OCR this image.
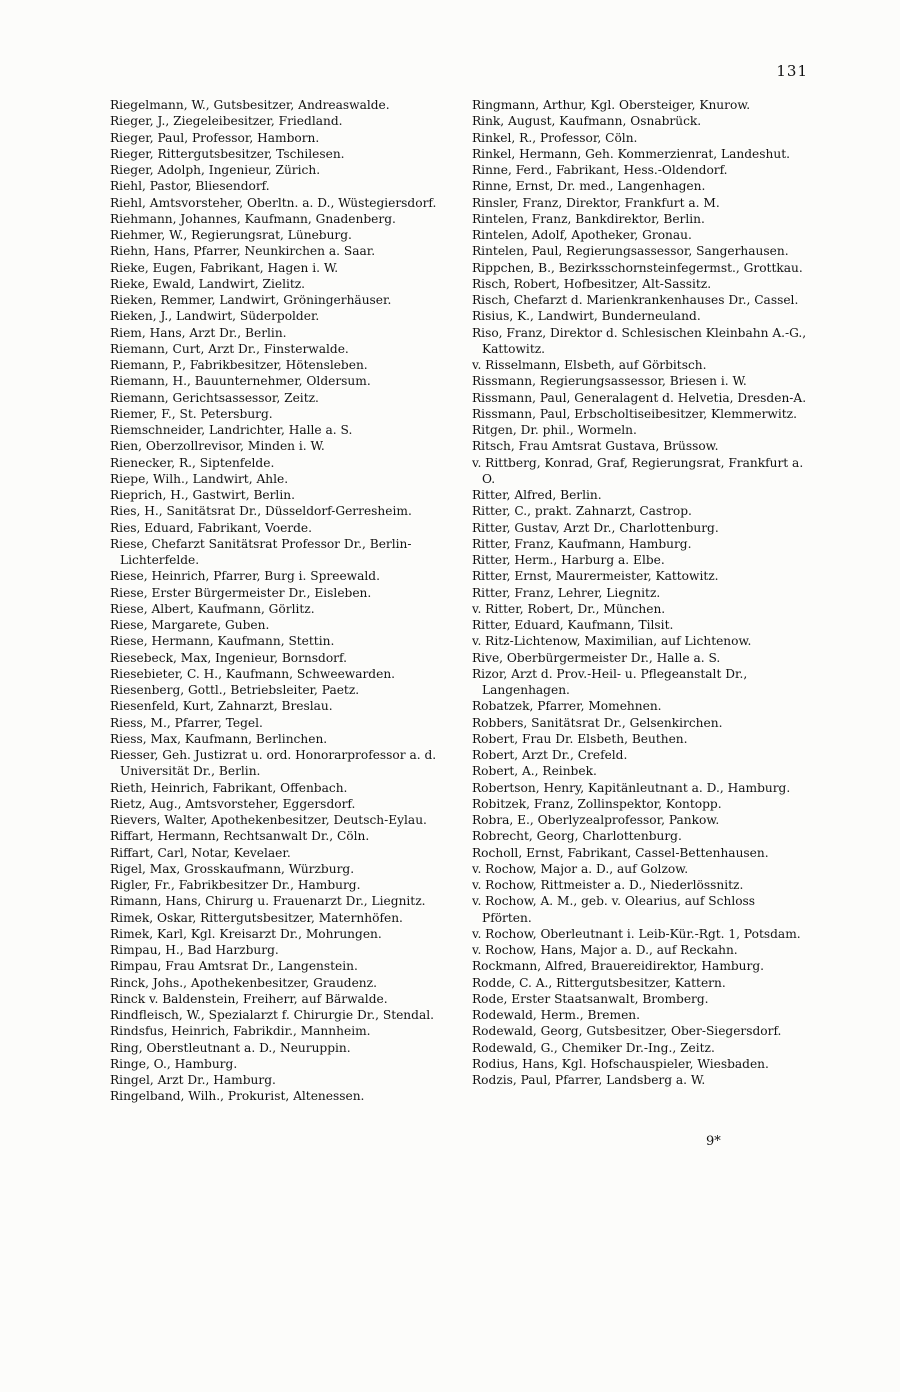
131
Riegelmann, W., Gutsbesitzer, Andreaswalde.
Rieger, J., Ziegeleibesitzer, Friedland.
Rieger, Paul, Professor, Hamborn.
Rieger, Rittergutsbesitzer, Tschilesen.
Rieger, Adolph, Ingenieur, Zürich.
Riehl, Pastor, Bliesendorf.
Riehl, Amtsvorsteher, Oberltn. a. D., Wüstegiersdorf.
Riehmann, Johannes, Kaufmann, Gnadenberg.
Riehmer, W., Regierungsrat, Lüneburg.
Riehn, Hans, Pfarrer, Neunkirchen a. Saar.
Rieke, Eugen, Fabrikant, Hagen i. W.
Rieke, Ewald, Landwirt, Zielitz.
Rieken, Remmer, Landwirt, Gröningerhäuser.
Rieken, J., Landwirt, Süderpolder.
Riem, Hans, Arzt Dr., Berlin.
Riemann, Curt, Arzt Dr., Finsterwalde.
Riemann, P., Fabrikbesitzer, Hötensleben.
Riemann, H., Bauunternehmer, Oldersum.
Riemann, Gerichtsassessor, Zeitz.
Riemer, F., St. Petersburg.
Riemschneider, Landrichter, Halle a. S.
Rien, Oberzollrevisor, Minden i. W.
Rienecker, R., Siptenfelde.
Riepe, Wilh., Landwirt, Ahle.
Rieprich, H., Gastwirt, Berlin.
Ries, H., Sanitätsrat Dr., Düsseldorf-Gerresheim.
Ries, Eduard, Fabrikant, Voerde.
Riese, Chefarzt Sanitätsrat Professor Dr., Berlin-Lichterfelde.
Riese, Heinrich, Pfarrer, Burg i. Spreewald.
Riese, Erster Bürgermeister Dr., Eisleben.
Riese, Albert, Kaufmann, Görlitz.
Riese, Margarete, Guben.
Riese, Hermann, Kaufmann, Stettin.
Riesebeck, Max, Ingenieur, Bornsdorf.
Riesebieter, C. H., Kaufmann, Schweewarden.
Riesenberg, Gottl., Betriebsleiter, Paetz.
Riesenfeld, Kurt, Zahnarzt, Breslau.
Riess, M., Pfarrer, Tegel.
Riess, Max, Kaufmann, Berlinchen.
Riesser, Geh. Justizrat u. ord. Honorarprofessor a. d. Universität Dr., Berlin.
Rieth, Heinrich, Fabrikant, Offenbach.
Rietz, Aug., Amtsvorsteher, Eggersdorf.
Rievers, Walter, Apothekenbesitzer, Deutsch-Eylau.
Riffart, Hermann, Rechtsanwalt Dr., Cöln.
Riffart, Carl, Notar, Kevelaer.
Rigel, Max, Grosskaufmann, Würzburg.
Rigler, Fr., Fabrikbesitzer Dr., Hamburg.
Rimann, Hans, Chirurg u. Frauenarzt Dr., Liegnitz.
Rimek, Oskar, Rittergutsbesitzer, Maternhöfen.
Rimek, Karl, Kgl. Kreisarzt Dr., Mohrungen.
Rimpau, H., Bad Harzburg.
Rimpau, Frau Amtsrat Dr., Langenstein.
Rinck, Johs., Apothekenbesitzer, Graudenz.
Rinck v. Baldenstein, Freiherr, auf Bärwalde.
Rindfleisch, W., Spezialarzt f. Chirurgie Dr., Stendal.
Rindsfus, Heinrich, Fabrikdir., Mannheim.
Ring, Oberstleutnant a. D., Neuruppin.
Ringe, O., Hamburg.
Ringel, Arzt Dr., Hamburg.
Ringelband, Wilh., Prokurist, Altenessen.
Ringmann, Arthur, Kgl. Obersteiger, Knurow.
Rink, August, Kaufmann, Osnabrück.
Rinkel, R., Professor, Cöln.
Rinkel, Hermann, Geh. Kommerzienrat, Landeshut.
Rinne, Ferd., Fabrikant, Hess.-Oldendorf.
Rinne, Ernst, Dr. med., Langenhagen.
Rinsler, Franz, Direktor, Frankfurt a. M.
Rintelen, Franz, Bankdirektor, Berlin.
Rintelen, Adolf, Apotheker, Gronau.
Rintelen, Paul, Regierungsassessor, Sangerhausen.
Rippchen, B., Bezirksschornsteinfegermst., Grottkau.
Risch, Robert, Hofbesitzer, Alt-Sassitz.
Risch, Chefarzt d. Marienkrankenhauses Dr., Cassel.
Risius, K., Landwirt, Bunderneuland.
Riso, Franz, Direktor d. Schlesischen Kleinbahn A.-G., Kattowitz.
v. Risselmann, Elsbeth, auf Görbitsch.
Rissmann, Regierungsassessor, Briesen i. W.
Rissmann, Paul, Generalagent d. Helvetia, Dresden-A.
Rissmann, Paul, Erbscholtiseibesitzer, Klemmerwitz.
Ritgen, Dr. phil., Wormeln.
Ritsch, Frau Amtsrat Gustava, Brüssow.
v. Rittberg, Konrad, Graf, Regierungsrat, Frankfurt a. O.
Ritter, Alfred, Berlin.
Ritter, C., prakt. Zahnarzt, Castrop.
Ritter, Gustav, Arzt Dr., Charlottenburg.
Ritter, Franz, Kaufmann, Hamburg.
Ritter, Herm., Harburg a. Elbe.
Ritter, Ernst, Maurermeister, Kattowitz.
Ritter, Franz, Lehrer, Liegnitz.
v. Ritter, Robert, Dr., München.
Ritter, Eduard, Kaufmann, Tilsit.
v. Ritz-Lichtenow, Maximilian, auf Lichtenow.
Rive, Oberbürgermeister Dr., Halle a. S.
Rizor, Arzt d. Prov.-Heil- u. Pflegeanstalt Dr., Langenhagen.
Robatzek, Pfarrer, Momehnen.
Robbers, Sanitätsrat Dr., Gelsenkirchen.
Robert, Frau Dr. Elsbeth, Beuthen.
Robert, Arzt Dr., Crefeld.
Robert, A., Reinbek.
Robertson, Henry, Kapitänleutnant a. D., Hamburg.
Robitzek, Franz, Zollinspektor, Kontopp.
Robra, E., Oberlyzealprofessor, Pankow.
Robrecht, Georg, Charlottenburg.
Rocholl, Ernst, Fabrikant, Cassel-Bettenhausen.
v. Rochow, Major a. D., auf Golzow.
v. Rochow, Rittmeister a. D., Niederlössnitz.
v. Rochow, A. M., geb. v. Olearius, auf Schloss Pförten.
v. Rochow, Oberleutnant i. Leib-Kür.-Rgt. 1, Potsdam.
v. Rochow, Hans, Major a. D., auf Reckahn.
Rockmann, Alfred, Brauereidirektor, Hamburg.
Rodde, C. A., Rittergutsbesitzer, Kattern.
Rode, Erster Staatsanwalt, Bromberg.
Rodewald, Herm., Bremen.
Rodewald, Georg, Gutsbesitzer, Ober-Siegersdorf.
Rodewald, G., Chemiker Dr.-Ing., Zeitz.
Rodius, Hans, Kgl. Hofschauspieler, Wiesbaden.
Rodzis, Paul, Pfarrer, Landsberg a. W.
9*
